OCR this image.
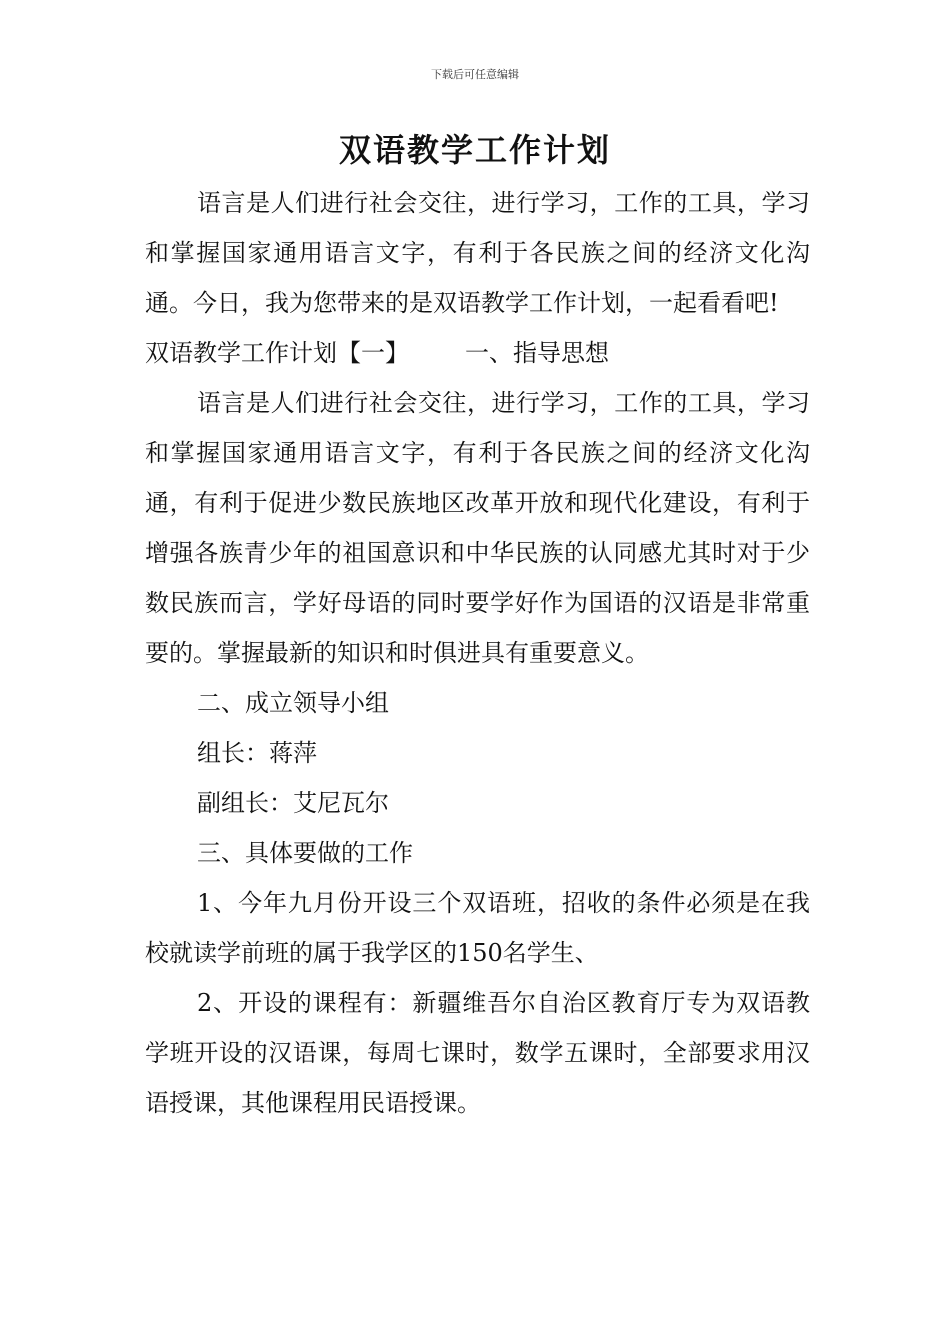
下载后可任意编辑
双语教学工作计划

语言是人们进行社会交往，进行学习，工作的工具，学习和掌握国家通用语言文字，有利于各民族之间的经济文化沟通。今日，我为您带来的是双语教学工作计划，一起看看吧!

双语教学工作计划【一】 一、指导思想

语言是人们进行社会交往，进行学习，工作的工具，学习和掌握国家通用语言文字，有利于各民族之间的经济文化沟通，有利于促进少数民族地区改革开放和现代化建设，有利于增强各族青少年的祖国意识和中华民族的认同感尤其时对于少数民族而言，学好母语的同时要学好作为国语的汉语是非常重要的。掌握最新的知识和时俱进具有重要意义。

二、成立领导小组

组长：蒋萍

副组长：艾尼瓦尔

三、具体要做的工作

1、今年九月份开设三个双语班，招收的条件必须是在我校就读学前班的属于我学区的150名学生、

2、开设的课程有：新疆维吾尔自治区教育厅专为双语教学班开设的汉语课，每周七课时，数学五课时，全部要求用汉语授课，其他课程用民语授课。
